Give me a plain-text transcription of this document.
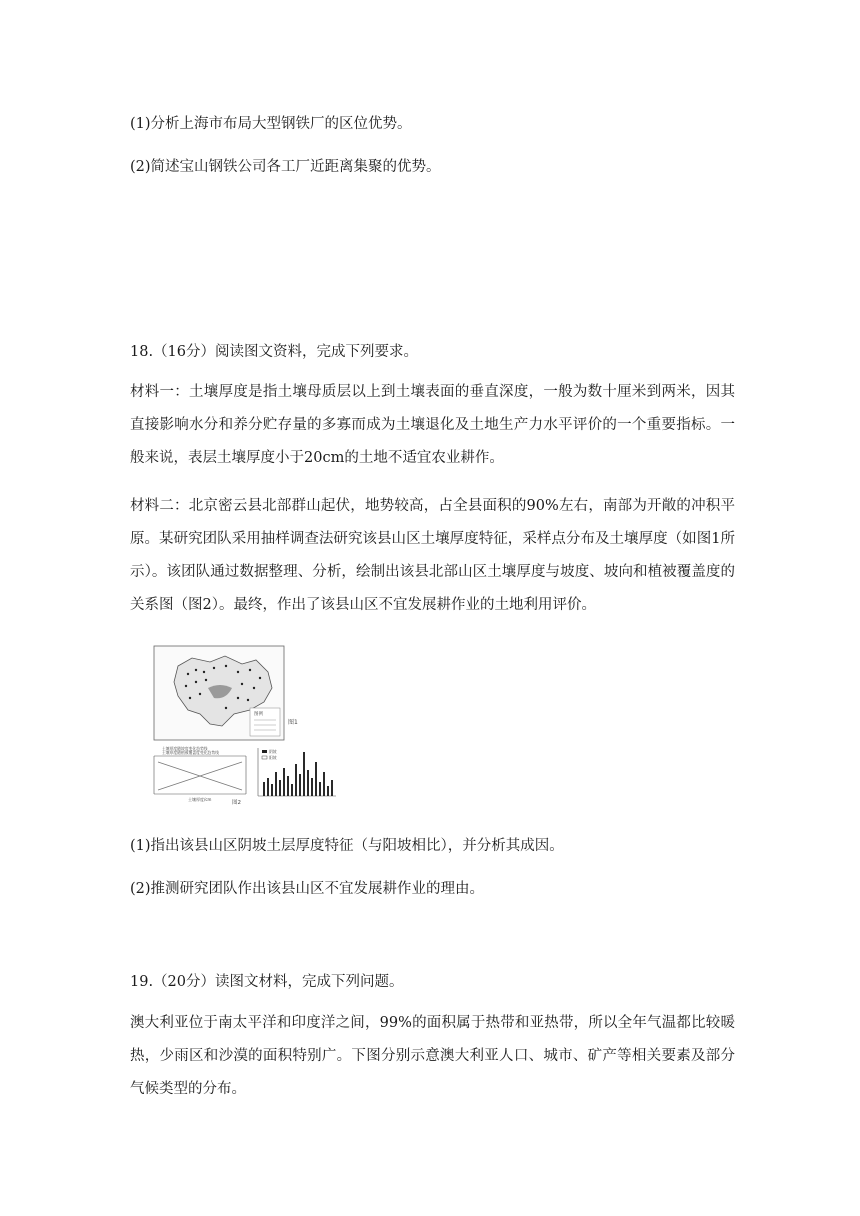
(1)分析上海市布局大型钢铁厂的区位优势。

(2)简述宝山钢铁公司各工厂近距离集聚的优势。

18.（16分）阅读图文资料，完成下列要求。

材料一：土壤厚度是指土壤母质层以上到土壤表面的垂直深度，一般为数十厘米到两米，因其直接影响水分和养分贮存量的多寡而成为土壤退化及土地生产力水平评价的一个重要指标。一般来说，表层土壤厚度小于20cm的土地不适宜农业耕作。

材料二：北京密云县北部群山起伏，地势较高，占全县面积的90%左右，南部为开敞的冲积平原。某研究团队采用抽样调查法研究该县山区土壤厚度特征，采样点分布及土壤厚度（如图1所示）。该团队通过数据整理、分析，绘制出该县北部山区土壤厚度与坡度、坡向和植被覆盖度的关系图（图2）。最终，作出了该县山区不宜发展耕作业的土地利用评价。

图例
图1
土壤厚度随坡度变化趋势线
土壤厚度随植被覆盖度变化趋势线
土壤厚度/cm
图2
阴坡
阳坡

(1)指出该县山区阴坡土层厚度特征（与阳坡相比），并分析其成因。

(2)推测研究团队作出该县山区不宜发展耕作业的理由。

19.（20分）读图文材料，完成下列问题。

澳大利亚位于南太平洋和印度洋之间，99%的面积属于热带和亚热带，所以全年气温都比较暖热，少雨区和沙漠的面积特别广。下图分别示意澳大利亚人口、城市、矿产等相关要素及部分气候类型的分布。
